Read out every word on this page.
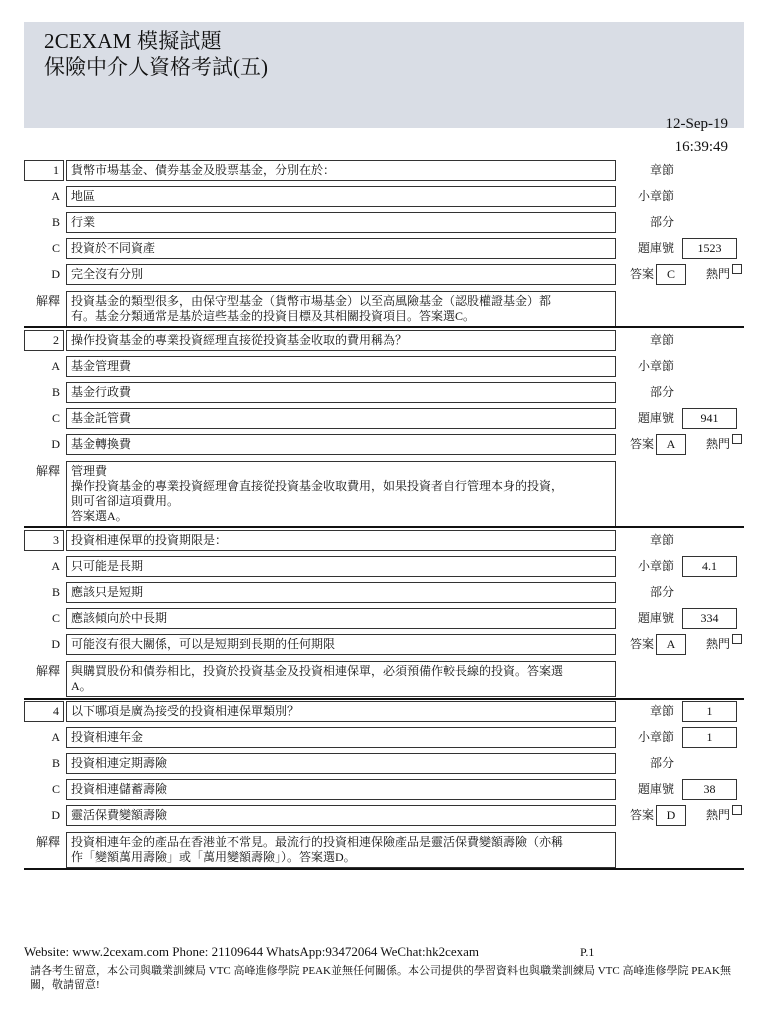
2CEXAM 模擬試題
保險中介人資格考試(五)
12-Sep-19
16:39:49
1	貨幣市場基金、債券基金及股票基金，分別在於：
A 地區
B 行業
C 投資於不同資產
D 完全沒有分別
解釋 投資基金的類型很多，由保守型基金（貨幣市場基金）以至高風險基金（認股權證基金）都
有。基金分類通常是基於這些基金的投資目標及其相關投資項目。答案選C。
章節
小章節
部分
題庫號	1523
答案	C	熱門
2	操作投資基金的專業投資經理直接從投資基金收取的費用稱為？
A 基金管理費
B 基金行政費
C 基金託管費
D 基金轉換費
解釋 管理費
操作投資基金的專業投資經理會直接從投資基金收取費用，如果投資者自行管理本身的投資，
則可省卻這項費用。
答案選A。
章節
小章節
部分
題庫號	941
答案	A	熱門
3	投資相連保單的投資期限是：
A 只可能是長期
B 應該只是短期
C 應該傾向於中長期
D 可能沒有很大關係，可以是短期到長期的任何期限
解釋 與購買股份和債券相比，投資於投資基金及投資相連保單，必須預備作較長線的投資。答案選
A。
章節
小章節	4.1
部分
題庫號	334
答案	A	熱門
4	以下哪項是廣為接受的投資相連保單類別？
A 投資相連年金
B 投資相連定期壽險
C 投資相連儲蓄壽險
D 靈活保費變額壽險
解釋 投資相連年金的產品在香港並不常見。最流行的投資相連保險產品是靈活保費變額壽險（亦稱
作「變額萬用壽險」或「萬用變額壽險」）。答案選D。
章節	1
小章節	1
部分
題庫號	38
答案	D	熱門
Website: www.2cexam.com Phone: 21109644 WhatsApp:93472064 WeChat:hk2cexam	P.1
請各考生留意，本公司與職業訓練局 VTC 高峰進修學院 PEAK並無任何關係。本公司提供的學習資料也與職業訓練局 VTC 高峰進修學院 PEAK無關，敬請留意!
